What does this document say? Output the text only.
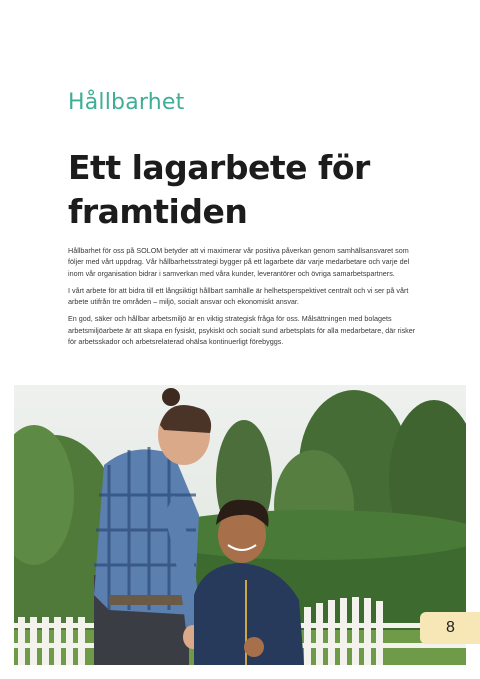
Hållbarhet
Ett lagarbete för
framtiden

Hållbarhet för oss på SOLOM betyder att vi maximerar vår positiva påverkan genom samhällsansvaret som följer med vårt uppdrag. Vår hållbarhetsstrategi bygger på ett lagarbete där varje medarbetare och varje del inom vår organisation bidrar i samverkan med våra kunder, leverantörer och övriga samarbetspartners.

I vårt arbete för att bidra till ett långsiktigt hållbart samhälle är helhetsperspektivet centralt och vi ser på vårt arbete utifrån tre områden – miljö, socialt ansvar och ekonomiskt ansvar.

En god, säker och hållbar arbetsmiljö är en viktig strategisk fråga för oss. Målsättningen med bolagets arbetsmiljöarbete är att skapa en fysiskt, psykiskt och socialt sund arbetsplats för alla medarbetare, där risker för arbetsskador och arbetsrelaterad ohälsa kontinuerligt förebyggs.

8
